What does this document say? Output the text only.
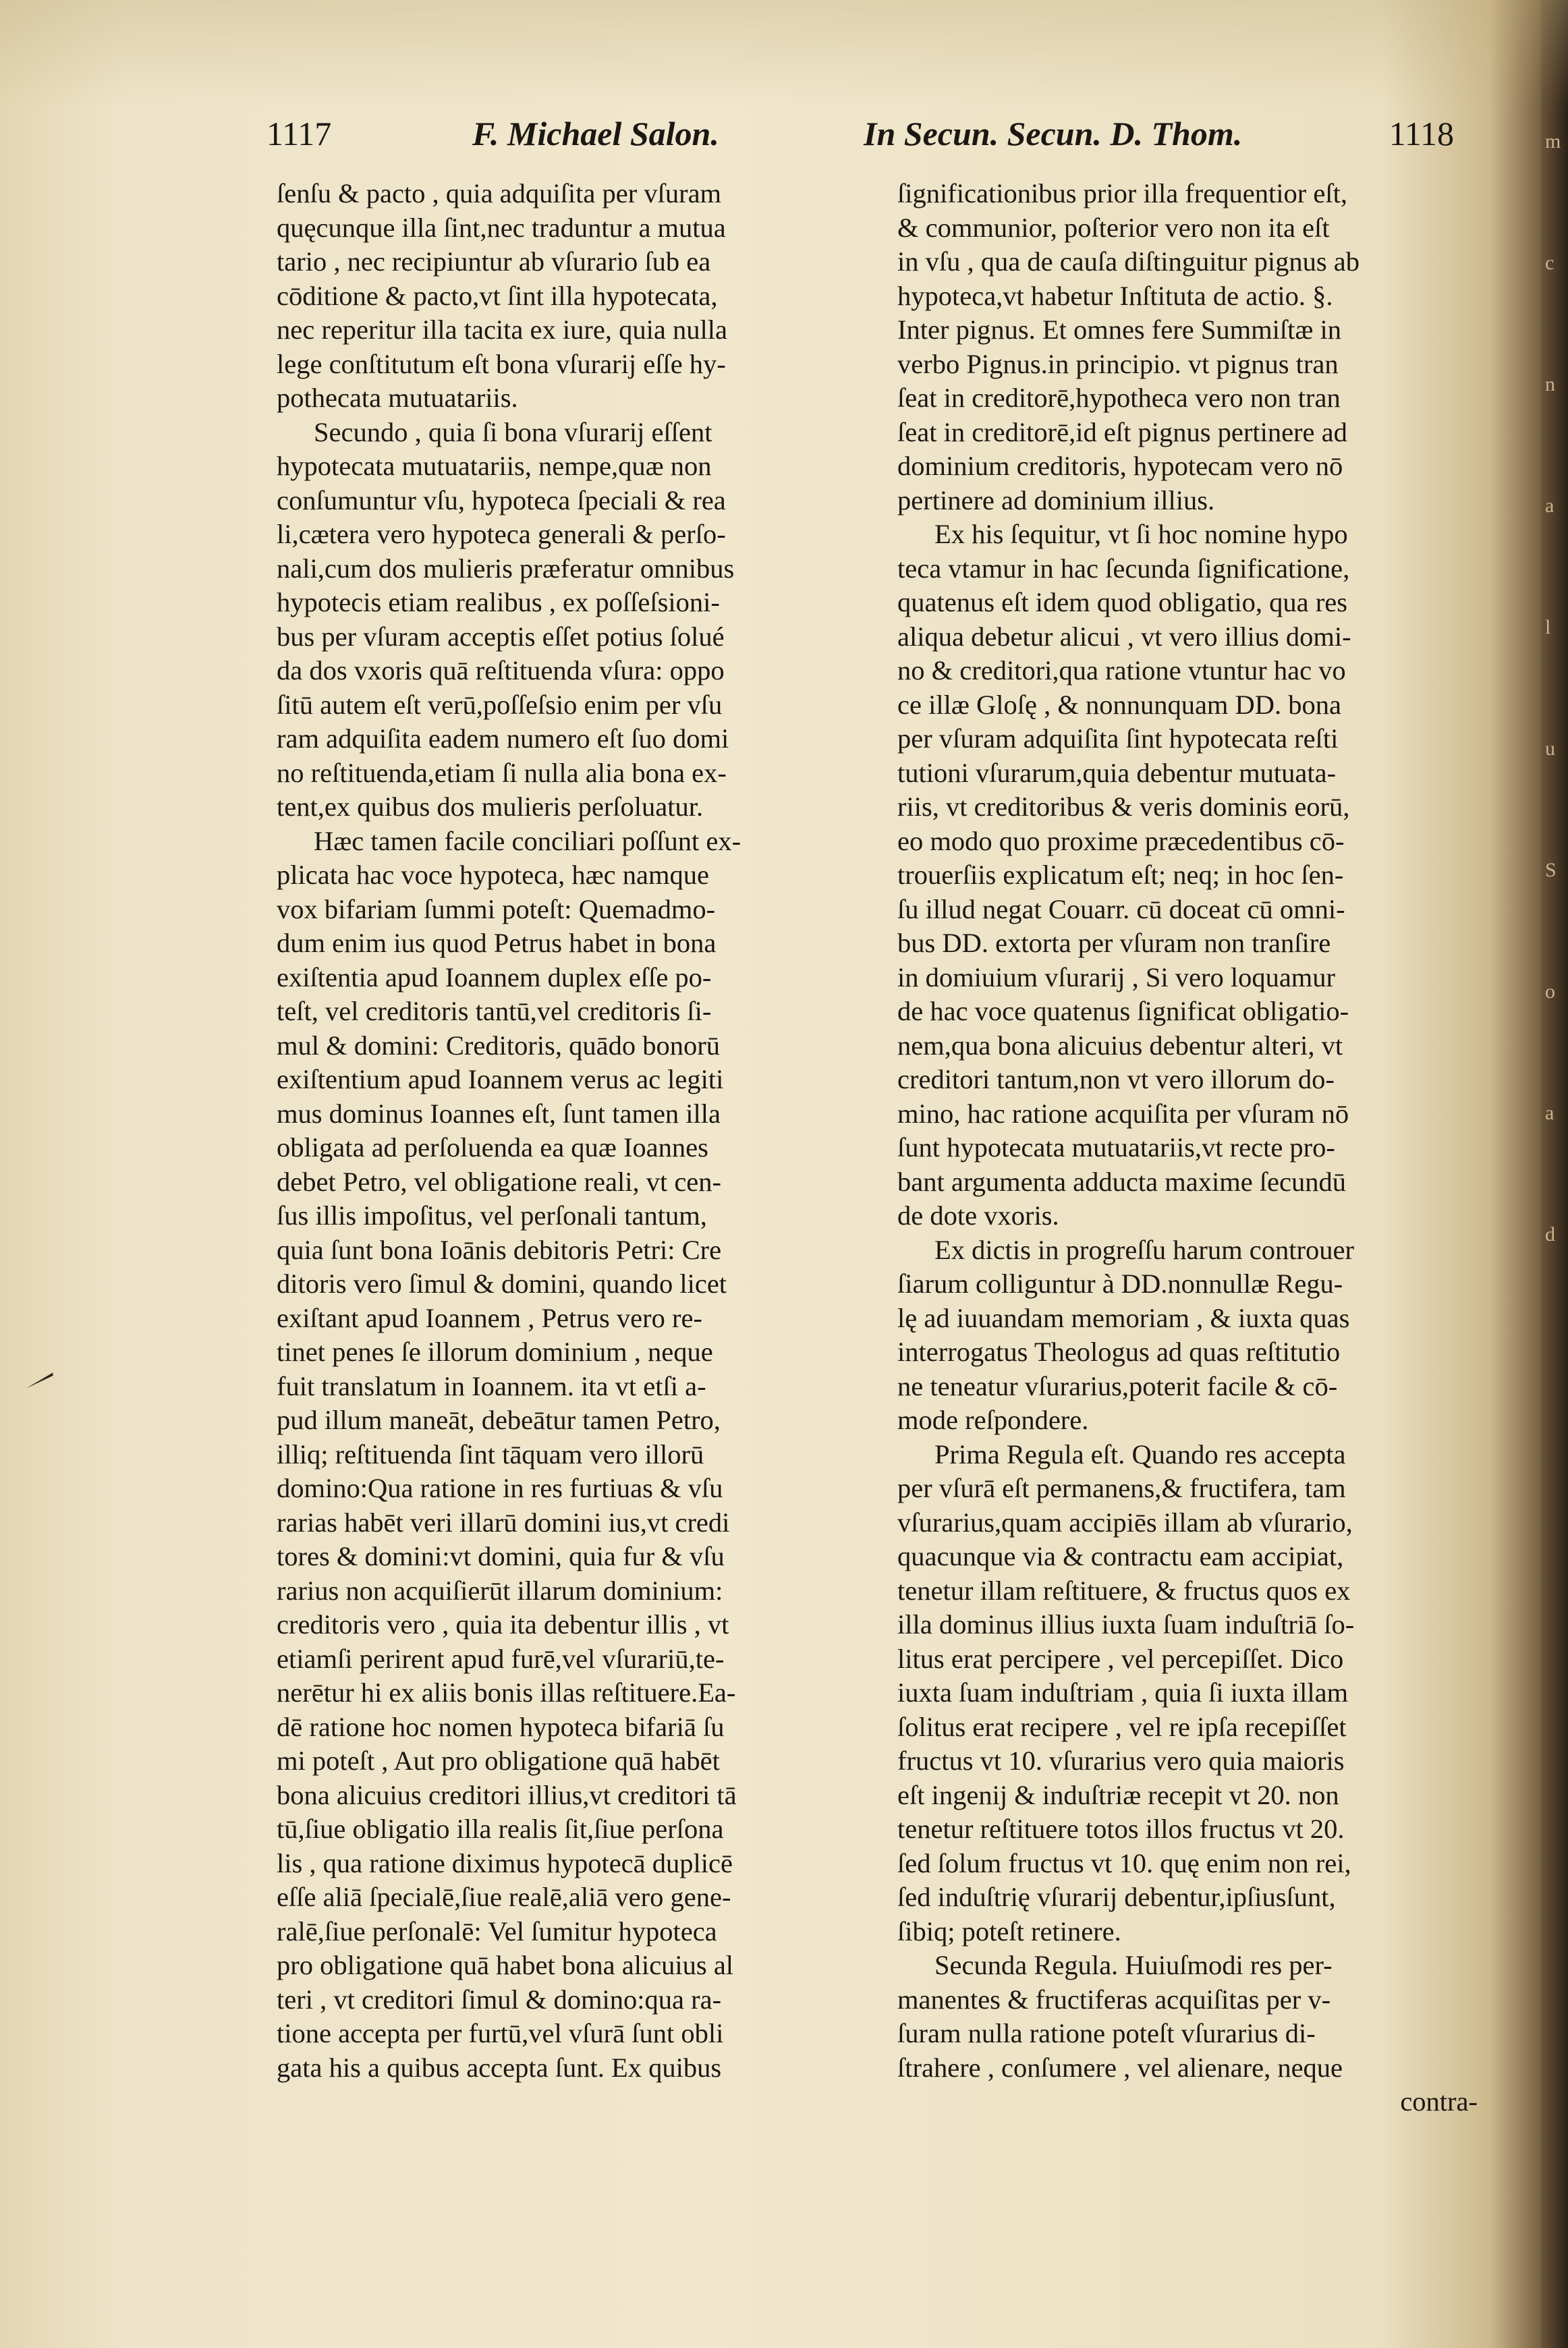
1117	F. Michael Salon.	In Secun. Secun. D. Thom.	1118
ſenſu & pacto , quia adquiſita per vſuram
quęcunque illa ſint,nec traduntur a mutua
tario , nec recipiuntur ab vſurario ſub ea
cōditione & pacto,vt ſint illa hypotecata,
nec reperitur illa tacita ex iure, quia nulla
lege conſtitutum eſt bona vſurarij eſſe hy-
pothecata mutuatariis.
Secundo , quia ſi bona vſurarij eſſent
hypotecata mutuatariis, nempe,quæ non
conſumuntur vſu, hypoteca ſpeciali & rea
li,cætera vero hypoteca generali & perſo-
nali,cum dos mulieris præferatur omnibus
hypotecis etiam realibus , ex poſſeſsioni-
bus per vſuram acceptis eſſet potius ſolué
da dos vxoris quā reſtituenda vſura: oppo
ſitū autem eſt verū,poſſeſsio enim per vſu
ram adquiſita eadem numero eſt ſuo domi
no reſtituenda,etiam ſi nulla alia bona ex-
tent,ex quibus dos mulieris perſoluatur.
Hæc tamen facile conciliari poſſunt ex-
plicata hac voce hypoteca, hæc namque
vox bifariam ſummi poteſt: Quemadmo-
dum enim ius quod Petrus habet in bona
exiſtentia apud Ioannem duplex eſſe po-
teſt, vel creditoris tantū,vel creditoris ſi-
mul & domini: Creditoris, quādo bonorū
exiſtentium apud Ioannem verus ac legiti
mus dominus Ioannes eſt, ſunt tamen illa
obligata ad perſoluenda ea quæ Ioannes
debet Petro, vel obligatione reali, vt cen-
ſus illis impoſitus, vel perſonali tantum,
quia ſunt bona Ioānis debitoris Petri: Cre
ditoris vero ſimul & domini, quando licet
exiſtant apud Ioannem , Petrus vero re-
tinet penes ſe illorum dominium , neque
fuit translatum in Ioannem. ita vt etſi a-
pud illum maneāt, debeātur tamen Petro,
illiq; reſtituenda ſint tāquam vero illorū
domino:Qua ratione in res furtiuas & vſu
rarias habēt veri illarū domini ius,vt credi
tores & domini:vt domini, quia fur & vſu
rarius non acquiſierūt illarum dominium:
creditoris vero , quia ita debentur illis , vt
etiamſi perirent apud furē,vel vſurariū,te-
nerētur hi ex aliis bonis illas reſtituere.Ea-
dē ratione hoc nomen hypoteca bifariā ſu
mi poteſt , Aut pro obligatione quā habēt
bona alicuius creditori illius,vt creditori tā
tū,ſiue obligatio illa realis ſit,ſiue perſona
lis , qua ratione diximus hypotecā duplicē
eſſe aliā ſpecialē,ſiue realē,aliā vero gene-
ralē,ſiue perſonalē: Vel ſumitur hypoteca
pro obligatione quā habet bona alicuius al
teri , vt creditori ſimul & domino:qua ra-
tione accepta per furtū,vel vſurā ſunt obli
gata his a quibus accepta ſunt. Ex quibus
ſignificationibus prior illa frequentior eſt,
& communior, poſterior vero non ita eſt
in vſu , qua de cauſa diſtinguitur pignus ab
hypoteca,vt habetur Inſtituta de actio. §.
Inter pignus. Et omnes fere Summiſtæ in
verbo Pignus.in principio. vt pignus tran
ſeat in creditorē,hypotheca vero non tran
ſeat in creditorē,id eſt pignus pertinere ad
dominium creditoris, hypotecam vero nō
pertinere ad dominium illius.
Ex his ſequitur, vt ſi hoc nomine hypo
teca vtamur in hac ſecunda ſignificatione,
quatenus eſt idem quod obligatio, qua res
aliqua debetur alicui , vt vero illius domi-
no & creditori,qua ratione vtuntur hac vo
ce illæ Gloſę , & nonnunquam DD. bona
per vſuram adquiſita ſint hypotecata reſti
tutioni vſurarum,quia debentur mutuata-
riis, vt creditoribus & veris dominis eorū,
eo modo quo proxime præcedentibus cō-
trouerſiis explicatum eſt; neq; in hoc ſen-
ſu illud negat Couarr. cū doceat cū omni-
bus DD. extorta per vſuram non tranſire
in domiuium vſurarij , Si vero loquamur
de hac voce quatenus ſignificat obligatio-
nem,qua bona alicuius debentur alteri, vt
creditori tantum,non vt vero illorum do-
mino, hac ratione acquiſita per vſuram nō
ſunt hypotecata mutuatariis,vt recte pro-
bant argumenta adducta maxime ſecundū
de dote vxoris.
Ex dictis in progreſſu harum controuer
ſiarum colliguntur à DD.nonnullæ Regu-
lę ad iuuandam memoriam , & iuxta quas
interrogatus Theologus ad quas reſtitutio
ne teneatur vſurarius,poterit facile & cō-
mode reſpondere.
Prima Regula eſt. Quando res accepta
per vſurā eſt permanens,& fructifera, tam
vſurarius,quam accipiēs illam ab vſurario,
quacunque via & contractu eam accipiat,
tenetur illam reſtituere, & fructus quos ex
illa dominus illius iuxta ſuam induſtriā ſo-
litus erat percipere , vel percepiſſet. Dico
iuxta ſuam induſtriam , quia ſi iuxta illam
ſolitus erat recipere , vel re ipſa recepiſſet
fructus vt 10. vſurarius vero quia maioris
eſt ingenij & induſtriæ recepit vt 20. non
tenetur reſtituere totos illos fructus vt 20.
ſed ſolum fructus vt 10. quę enim non rei,
ſed induſtrię vſurarij debentur,ipſiusſunt,
ſibiq; poteſt retinere.
Secunda Regula. Huiuſmodi res per-
manentes & fructiferas acquiſitas per v-
ſuram nulla ratione poteſt vſurarius di-
ſtrahere , conſumere , vel alienare, neque
contra-
m
c
n
a
l
u
S
o
a
d
